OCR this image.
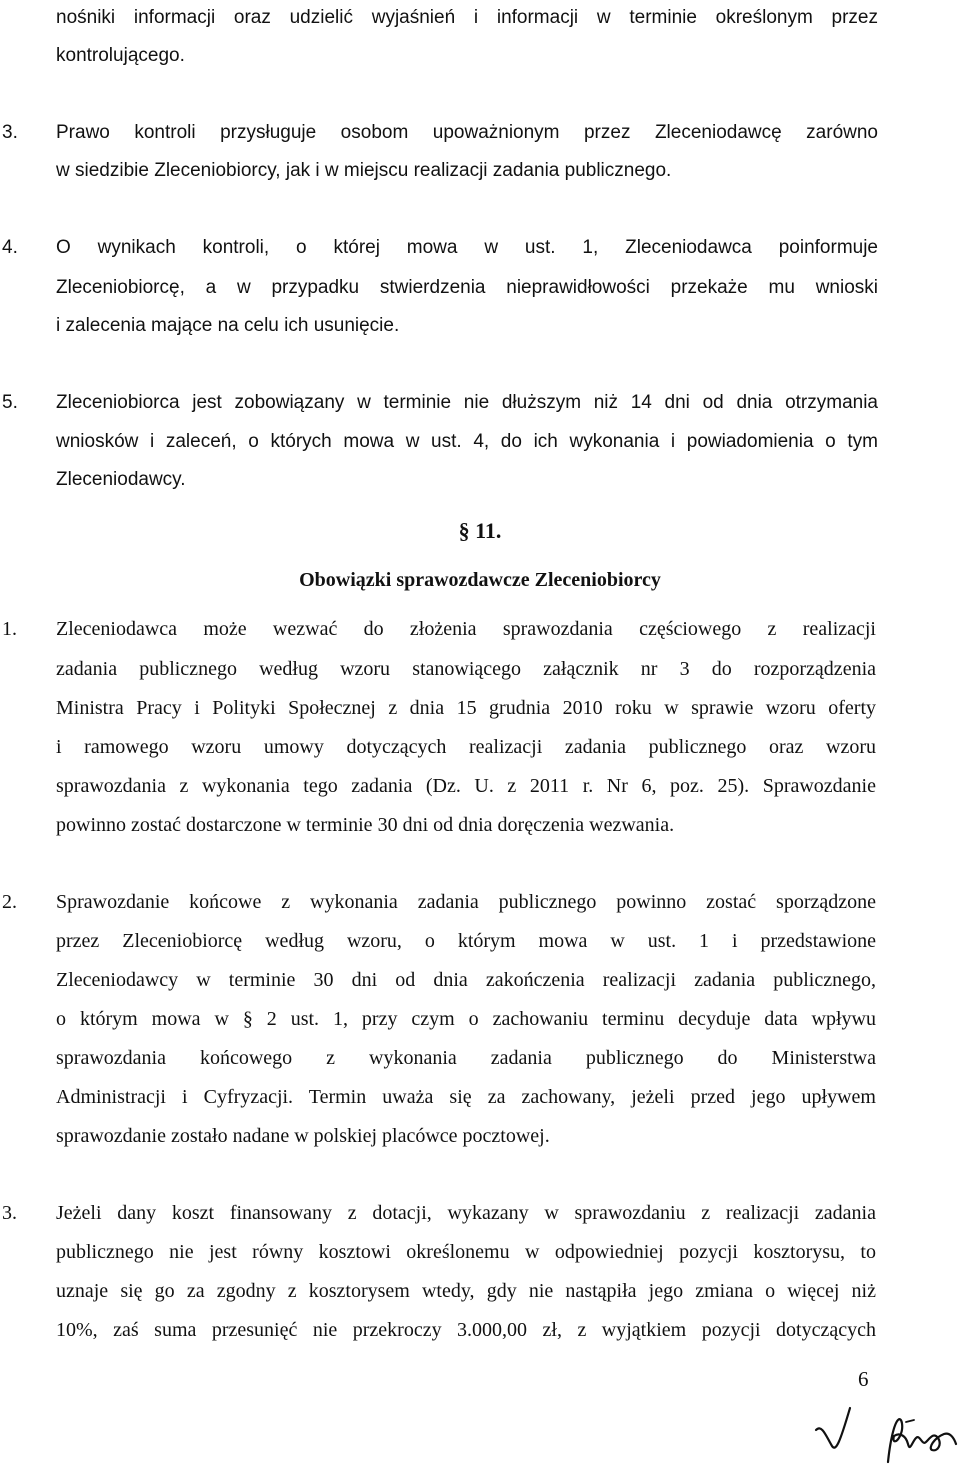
nośniki informacji oraz udzielić wyjaśnień i informacji w terminie określonym przez
kontrolującego.
3. Prawo kontroli przysługuje osobom upoważnionym przez Zleceniodawcę zarówno
w siedzibie Zleceniobiorcy, jak i w miejscu realizacji zadania publicznego.
4. O wynikach kontroli, o której mowa w ust. 1, Zleceniodawca poinformuje
Zleceniobiorcę, a w przypadku stwierdzenia nieprawidłowości przekaże mu wnioski
i zalecenia mające na celu ich usunięcie.
5. Zleceniobiorca jest zobowiązany w terminie nie dłuższym niż 14 dni od dnia otrzymania
wniosków i zaleceń, o których mowa w ust. 4, do ich wykonania i powiadomienia o tym
Zleceniodawcy.
§ 11.
Obowiązki sprawozdawcze Zleceniobiorcy
1. Zleceniodawca może wezwać do złożenia sprawozdania częściowego z realizacji
zadania publicznego według wzoru stanowiącego załącznik nr 3 do rozporządzenia
Ministra Pracy i Polityki Społecznej z dnia 15 grudnia 2010 roku w sprawie wzoru oferty
i ramowego wzoru umowy dotyczących realizacji zadania publicznego oraz wzoru
sprawozdania z wykonania tego zadania (Dz. U. z 2011 r. Nr 6, poz. 25). Sprawozdanie
powinno zostać dostarczone w terminie 30 dni od dnia doręczenia wezwania.
2. Sprawozdanie końcowe z wykonania zadania publicznego powinno zostać sporządzone
przez Zleceniobiorcę według wzoru, o którym mowa w ust. 1 i przedstawione
Zleceniodawcy w terminie 30 dni od dnia zakończenia realizacji zadania publicznego,
o którym mowa w § 2 ust. 1, przy czym o zachowaniu terminu decyduje data wpływu
sprawozdania końcowego z wykonania zadania publicznego do Ministerstwa
Administracji i Cyfryzacji. Termin uważa się za zachowany, jeżeli przed jego upływem
sprawozdanie zostało nadane w polskiej placówce pocztowej.
3. Jeżeli dany koszt finansowany z dotacji, wykazany w sprawozdaniu z realizacji zadania
publicznego nie jest równy kosztowi określonemu w odpowiedniej pozycji kosztorysu, to
uznaje się go za zgodny z kosztorysem wtedy, gdy nie nastąpiła jego zmiana o więcej niż
10%, zaś suma przesunięć nie przekroczy 3.000,00 zł, z wyjątkiem pozycji dotyczących
6
